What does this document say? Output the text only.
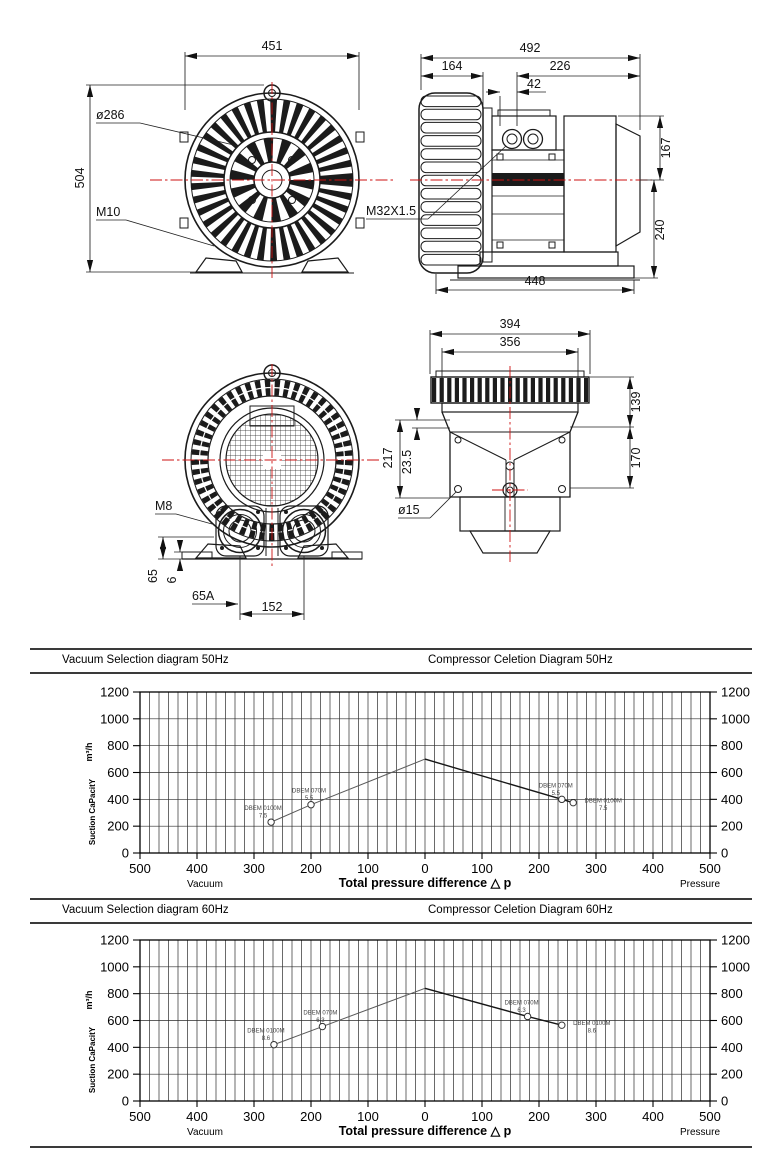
451
504
ø286
M10
492
164	226
42
167
240
448
M32X1.5
M8
65 6
65A
152
394
356
139
170
217 23.5
ø15
Vacuum Selection diagram 50Hz	Compressor Celetion Diagram 50Hz
0	0
200	200
400	400
600	600
800	800
1000	1000
1200	1200
0
100
200
300
400
500	100	200	300	400	500
DBEM 0100M
7.5
DBEM 070M
5.5
DBEM 070M
5.5
DBEM 0100M
7.5
Vacuum	Total pressure difference △ p	Pressure
m³/h
Suction CaPacitY
Vacuum Selection diagram 60Hz	Compressor Celetion Diagram 60Hz
0	0
200	200
400	400
600	600
800	800
1000	1000
1200	1200
0
100
200
300
400
500	100	200	300	400	500
DBEM 0100M
8.6
DBEM 070M
6.3
DBEM 070M
6.3
DBEM 0100M
8.6
Vacuum	Total pressure difference △ p	Pressure
m³/h
Suction CaPacitY
